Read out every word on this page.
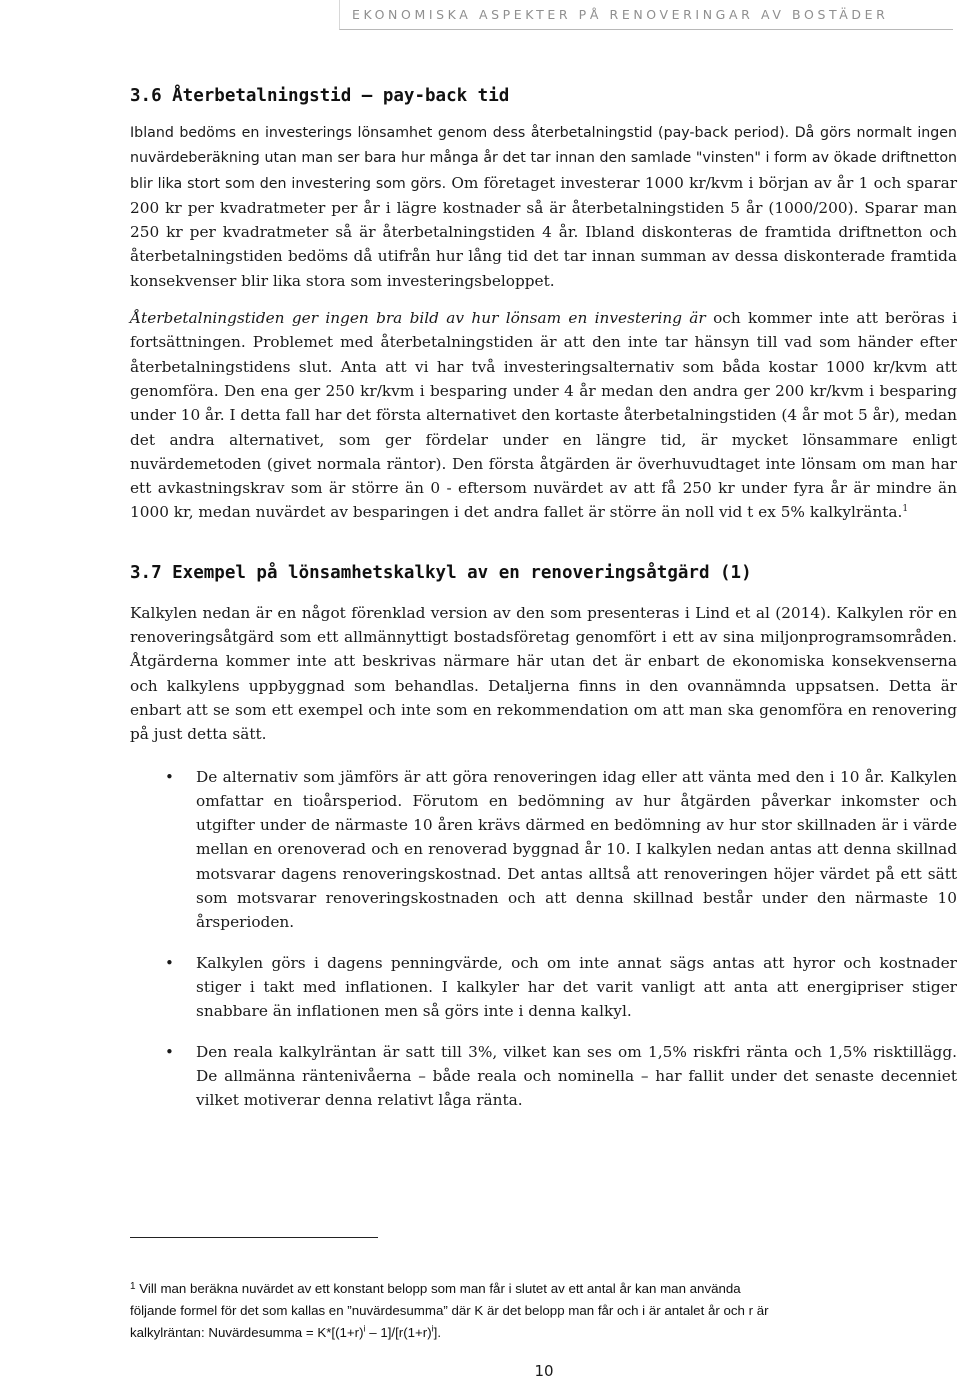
EKONOMISKA ASPEKTER PÅ RENOVERINGAR AV BOSTÄDER
3.6 Återbetalningstid — pay-back tid

Ibland bedöms en investerings lönsamhet genom dess återbetalningstid (pay-back period). Då görs normalt ingen nuvärdeberäkning utan man ser bara hur många år det tar innan den samlade "vinsten" i form av ökade driftnetton blir lika stort som den investering som görs. Om företaget investerar 1000 kr/kvm i början av år 1 och sparar 200 kr per kvadratmeter per år i lägre kostnader så är återbetalningstiden 5 år (1000/200). Sparar man 250 kr per kvadratmeter så är återbetalningstiden 4 år. Ibland diskonteras de framtida driftnetton och återbetalningstiden bedöms då utifrån hur lång tid det tar innan summan av dessa diskonterade framtida konsekvenser blir lika stora som investeringsbeloppet.

Återbetalningstiden ger ingen bra bild av hur lönsam en investering är och kommer inte att beröras i fortsättningen. Problemet med återbetalningstiden är att den inte tar hänsyn till vad som händer efter återbetalningstidens slut. Anta att vi har två investeringsalternativ som båda kostar 1000 kr/kvm att genomföra. Den ena ger 250 kr/kvm i besparing under 4 år medan den andra ger 200 kr/kvm i besparing under 10 år. I detta fall har det första alternativet den kortaste återbetalningstiden (4 år mot 5 år), medan det andra alternativet, som ger fördelar under en längre tid, är mycket lönsammare enligt nuvärdemetoden (givet normala räntor). Den första åtgärden är överhuvudtaget inte lönsam om man har ett avkastningskrav som är större än 0 - eftersom nuvärdet av att få 250 kr under fyra år är mindre än 1000 kr, medan nuvärdet av besparingen i det andra fallet är större än noll vid t ex 5% kalkylränta.$^1$

3.7 Exempel på lönsamhetskalkyl av en renoveringsåtgärd (1)

Kalkylen nedan är en något förenklad version av den som presenteras i Lind et al (2014). Kalkylen rör en renoveringsåtgärd som ett allmännyttigt bostadsföretag genomfört i ett av sina miljonprogramsområden. Åtgärderna kommer inte att beskrivas närmare här utan det är enbart de ekonomiska konsekvenserna och kalkylens uppbyggnad som behandlas. Detaljerna finns in den ovannämnda uppsatsen. Detta är enbart att se som ett exempel och inte som en rekommendation om att man ska genomföra en renovering på just detta sätt.

• De alternativ som jämförs är att göra renoveringen idag eller att vänta med den i 10 år. Kalkylen omfattar en tioårsperiod. Förutom en bedömning av hur åtgärden påverkar inkomster och utgifter under de närmaste 10 åren krävs därmed en bedömning av hur stor skillnaden är i värde mellan en orenoverad och en renoverad byggnad år 10. I kalkylen nedan antas att denna skillnad motsvarar dagens renoveringskostnad. Det antas alltså att renoveringen höjer värdet på ett sätt som motsvarar renoveringskostnaden och att denna skillnad består under den närmaste 10 årsperioden.
• Kalkylen görs i dagens penningvärde, och om inte annat sägs antas att hyror och kostnader stiger i takt med inflationen. I kalkyler har det varit vanligt att anta att energipriser stiger snabbare än inflationen men så görs inte i denna kalkyl.
• Den reala kalkylräntan är satt till 3%, vilket kan ses om 1,5% riskfri ränta och 1,5% risktillägg. De allmänna räntenivåerna – både reala och nominella – har fallit under det senaste decenniet vilket motiverar denna relativt låga ränta.
$^1$ Vill man beräkna nuvärdet av ett konstant belopp som man får i slutet av ett antal år kan man använda
följande formel för det som kallas en ”nuvärdesumma” där K är det belopp man får och i är antalet år och r är
kalkylräntan: Nuvärdesumma = $K*[(1+r)^i - 1]/[r(1+r)^i]$.
10
